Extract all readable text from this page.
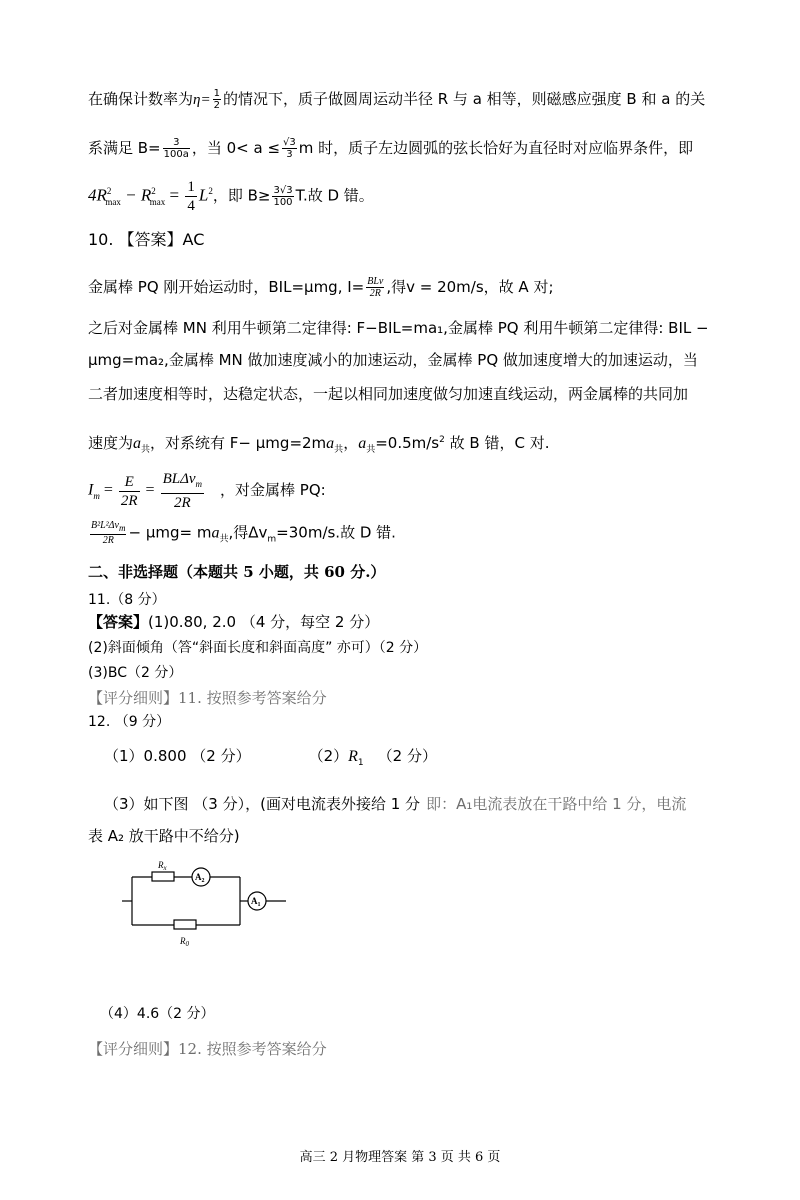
在确保计数率为$\eta= \frac{1}{2}$ 的情况下，质子做圆周运动半径 R 与 a 相等，则磁感应强度 B 和 a 的关
系满足 $B= \frac{3}{100a}$ ，当 $0< a \le \frac{√3}{3}$ m 时，质子左边圆弧的弦长恰好为直径时对应临界条件，即
$4R^2_{max} - R^2_{max} = \frac{1}{4} L^2$，即 $B\ge \frac{3√3}{100} T$.故 D 错。
10. 【答案】AC
金属棒 PQ 刚开始运动时，BIL=μmg, $I= \frac{\text{BLv}}{2R}$ ,得v = 20m/s，故 A 对;
之后对金属棒 MN 利用牛顿第二定律得: F−BIL=ma₁,金属棒 PQ 利用牛顿第二定律得: BIL −
μmg=ma₂,金属棒 MN 做加速度减小的加速运动，金属棒 PQ 做加速度增大的加速运动，当
二者加速度相等时，达稳定状态，一起以相同加速度做匀加速直线运动，两金属棒的共同加
速度为$a_共$，对系统有 $F- \mu mg=2ma_共$，$a_共=0.5m/s^2$ 故 B 错，C 对.
$I_m = \frac{E}{2R} = \frac{BL\Delta v_m}{2R}$ ，对金属棒 PQ:
$\frac{B^2L^2\Delta v_m}{2R} - \mu mg= ma_共$,得$\Delta v_m=30m/s$.故 D 错.
二、非选择题（本题共 5 小题，共 60 分.）
11.（8 分）
【答案】(1)0.80, 2.0 （4 分，每空 2 分）
(2)斜面倾角（答“斜面长度和斜面高度” 亦可）（2 分）
(3)BC（2 分）
【评分细则】11. 按照参考答案给分
12. （9 分）
（1）0.800 （2 分）	$(2)R_1$ （2 分）
（3）如下图 （3 分），(画对电流表外接给 1 分 即：A₁电流表放在干路中给 1 分，电流
表 A₂ 放干路中不给分)
$R_x$
$A_2$
$A_1$
$R_0$
（4）4.6（2 分）
【评分细则】12. 按照参考答案给分
高三 2 月物理答案 第 3 页 共 6 页
